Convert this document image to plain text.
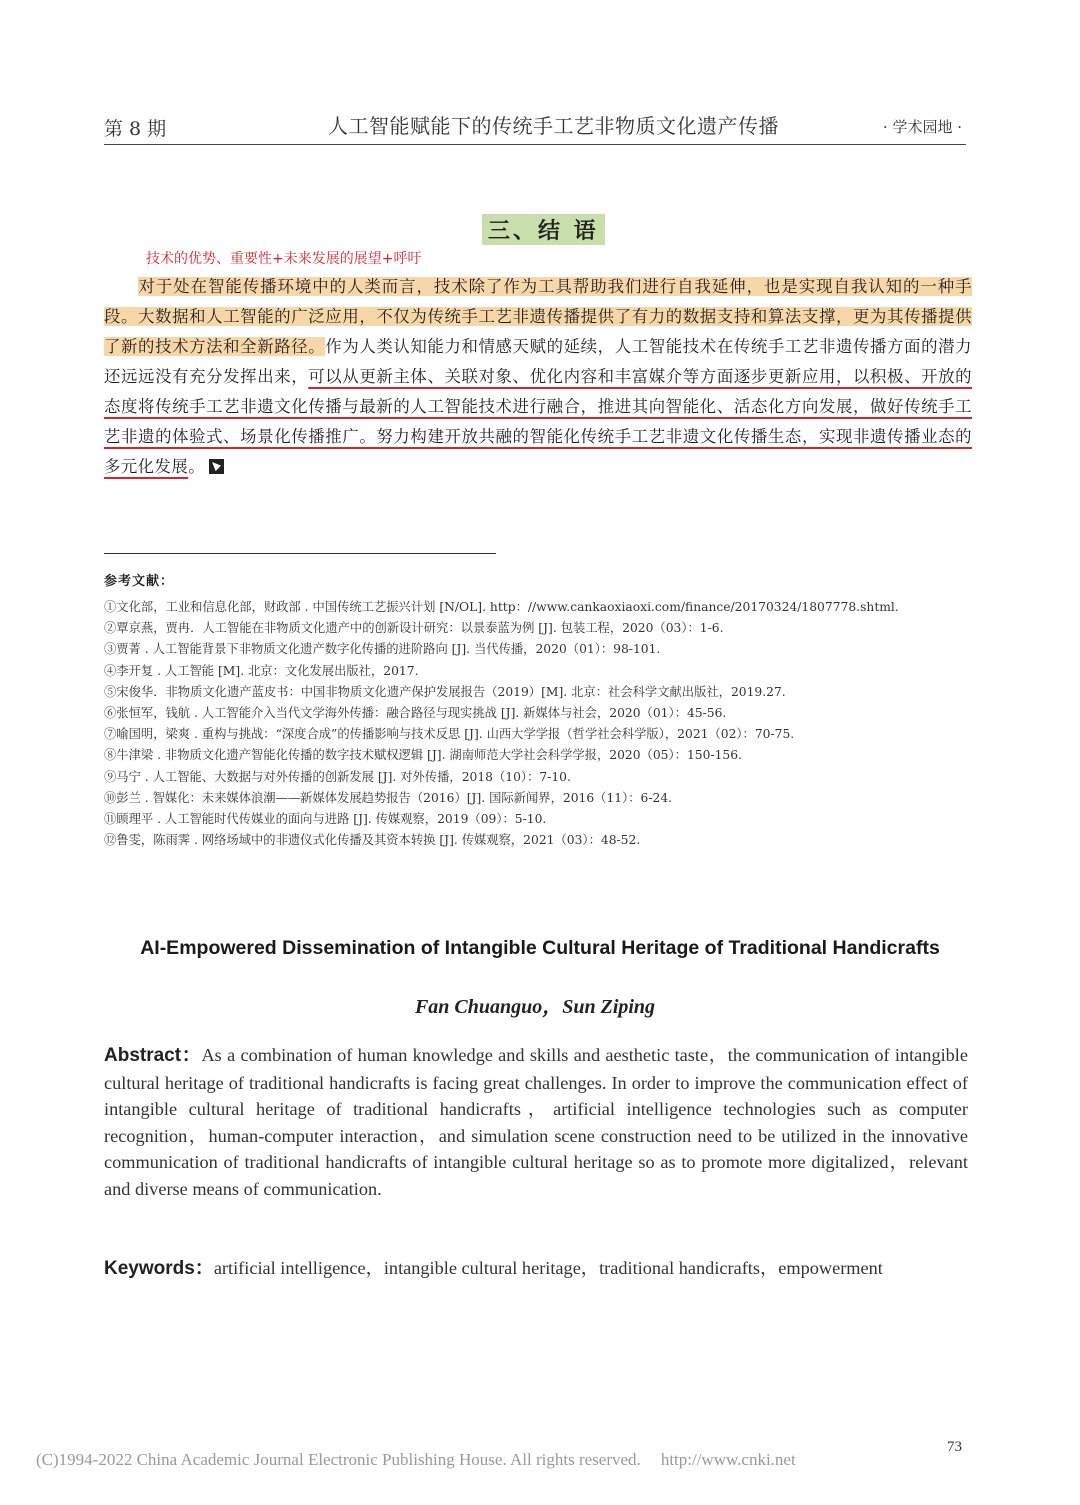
第 8 期	人工智能赋能下的传统手工艺非物质文化遗产传播	· 学术园地 ·
三、结 语
技术的优势、重要性+未来发展的展望+呼吁
对于处在智能传播环境中的人类而言，技术除了作为工具帮助我们进行自我延伸，也是实现自我认知的一种手段。大数据和人工智能的广泛应用，不仅为传统手工艺非遗传播提供了有力的数据支持和算法支撑，更为其传播提供了新的技术方法和全新路径。作为人类认知能力和情感天赋的延续，人工智能技术在传统手工艺非遗传播方面的潜力还远远没有充分发挥出来，可以从更新主体、关联对象、优化内容和丰富媒介等方面逐步更新应用，以积极、开放的态度将传统手工艺非遗文化传播与最新的人工智能技术进行融合，推进其向智能化、活态化方向发展，做好传统手工艺非遗的体验式、场景化传播推广。努力构建开放共融的智能化传统手工艺非遗文化传播生态，实现非遗传播业态的多元化发展。
参考文献：
①文化部，工业和信息化部，财政部 . 中国传统工艺振兴计划 [N/OL]. http：//www.cankaoxiaoxi.com/finance/20170324/1807778.shtml.
②覃京燕，贾冉．人工智能在非物质文化遗产中的创新设计研究：以景泰蓝为例 [J]. 包装工程，2020（03）：1-6.
③贾菁 . 人工智能背景下非物质文化遗产数字化传播的进阶路向 [J]. 当代传播，2020（01）：98-101.
④李开复 . 人工智能 [M]. 北京：文化发展出版社，2017.
⑤宋俊华．非物质文化遗产蓝皮书：中国非物质文化遗产保护发展报告（2019）[M]. 北京：社会科学文献出版社，2019.27.
⑥张恒军，钱航 . 人工智能介入当代文学海外传播：融合路径与现实挑战 [J]. 新媒体与社会，2020（01）：45-56.
⑦喻国明，梁爽 . 重构与挑战：“深度合成”的传播影响与技术反思 [J]. 山西大学学报（哲学社会科学版），2021（02）：70-75.
⑧牛津梁 . 非物质文化遗产智能化传播的数字技术赋权逻辑 [J]. 湖南师范大学社会科学学报，2020（05）：150-156.
⑨马宁 . 人工智能、大数据与对外传播的创新发展 [J]. 对外传播，2018（10）：7-10.
⑩彭兰 . 智媒化：未来媒体浪潮——新媒体发展趋势报告（2016）[J]. 国际新闻界，2016（11）：6-24.
⑪顾理平 . 人工智能时代传媒业的面向与进路 [J]. 传媒观察，2019（09）：5-10.
⑫鲁雯，陈雨霁 . 网络场域中的非遗仪式化传播及其资本转换 [J]. 传媒观察，2021（03）：48-52.
AI-Empowered Dissemination of Intangible Cultural Heritage of Traditional Handicrafts
Fan Chuanguo，Sun Ziping
Abstract：As a combination of human knowledge and skills and aesthetic taste，the communication of intangible cultural heritage of traditional handicrafts is facing great challenges. In order to improve the communication effect of intangible cultural heritage of traditional handicrafts，artificial intelligence technologies such as computer recognition，human-computer interaction，and simulation scene construction need to be utilized in the innovative communication of traditional handicrafts of intangible cultural heritage so as to promote more digitalized，relevant and diverse means of communication.
Keywords：artificial intelligence，intangible cultural heritage，traditional handicrafts，empowerment
73
(C)1994-2022 China Academic Journal Electronic Publishing House. All rights reserved. http://www.cnki.net
